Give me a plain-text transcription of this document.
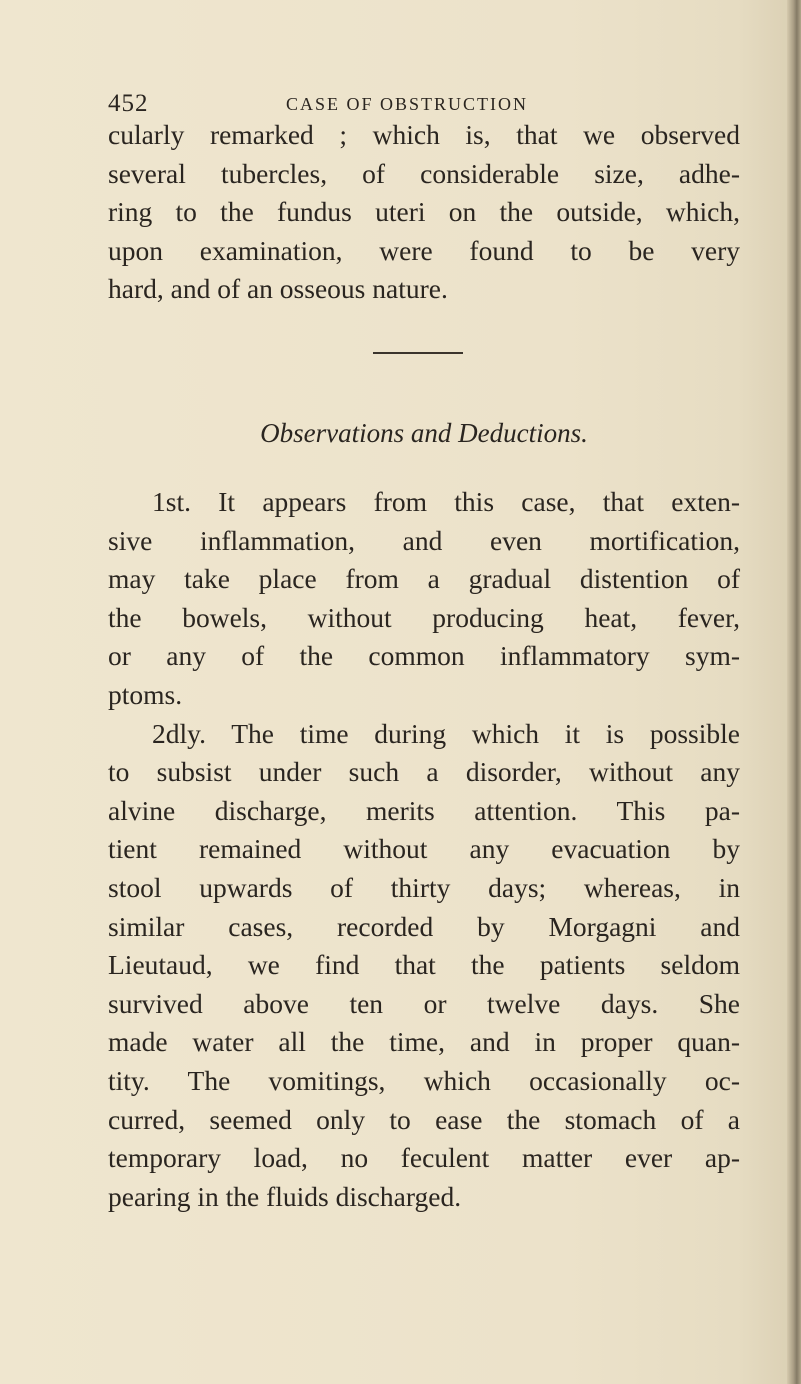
452	CASE OF OBSTRUCTION
cularly remarked ; which is, that we observed
several tubercles, of considerable size, adhe-
ring to the fundus uteri on the outside, which,
upon examination, were found to be very
hard, and of an osseous nature.
Observations and Deductions.
1st. It appears from this case, that exten-
sive inflammation, and even mortification,
may take place from a gradual distention of
the bowels, without producing heat, fever,
or any of the common inflammatory sym-
ptoms.
2dly. The time during which it is possible
to subsist under such a disorder, without any
alvine discharge, merits attention. This pa-
tient remained without any evacuation by
stool upwards of thirty days; whereas, in
similar cases, recorded by Morgagni and
Lieutaud, we find that the patients seldom
survived above ten or twelve days. She
made water all the time, and in proper quan-
tity. The vomitings, which occasionally oc-
curred, seemed only to ease the stomach of a
temporary load, no feculent matter ever ap-
pearing in the fluids discharged.
